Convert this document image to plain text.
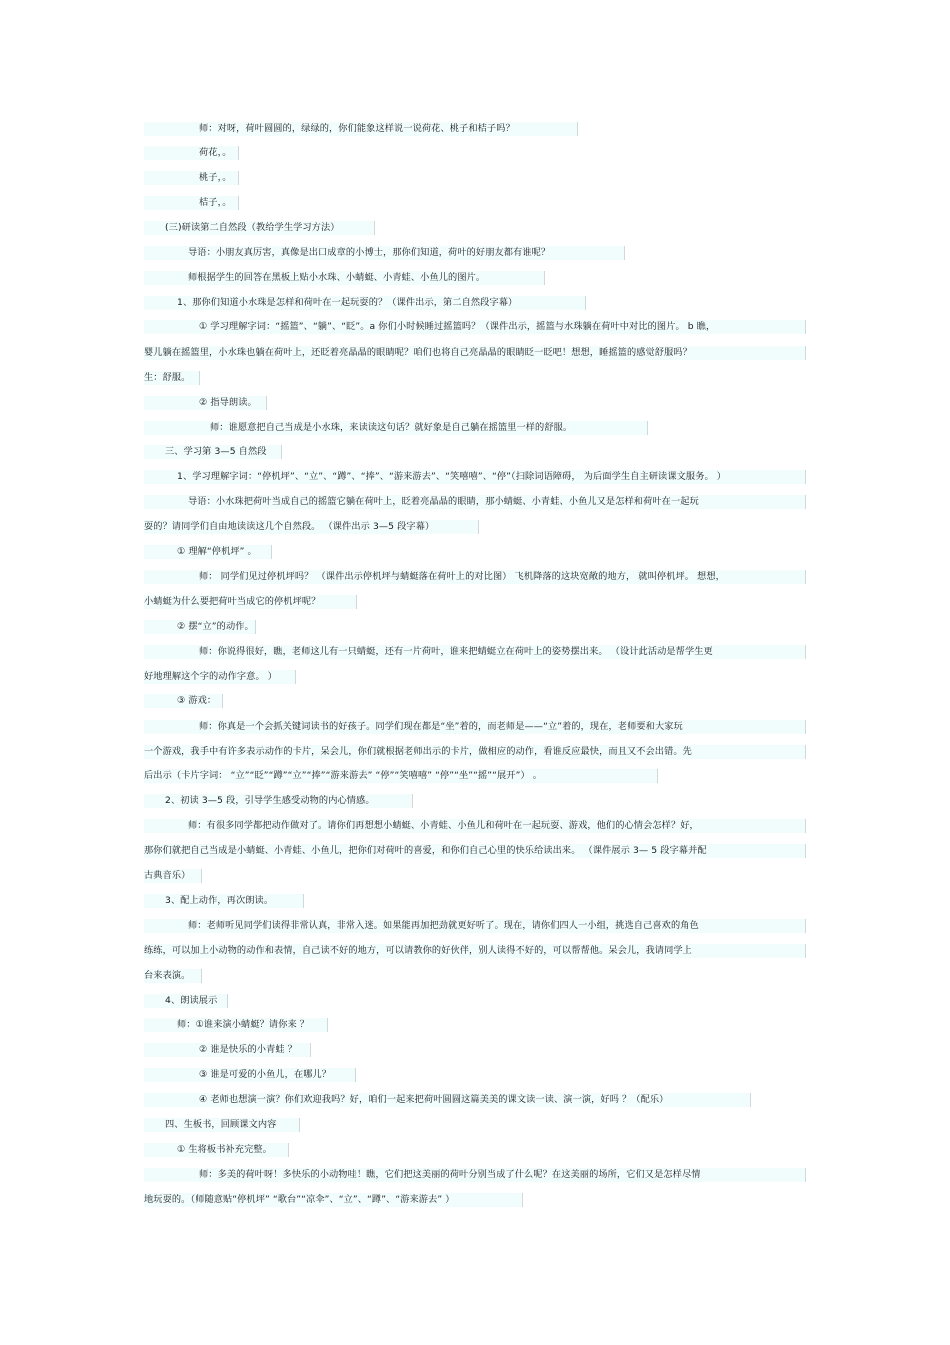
师：对呀，荷叶圆圆的，绿绿的，你们能象这样说一说荷花、桃子和桔子吗？
荷花，。
桃子，。
桔子，。
(三)研读第二自然段（教给学生学习方法）
导语：小朋友真厉害，真像是出口成章的小博士，那你们知道，荷叶的好朋友都有谁呢？
师根据学生的回答在黑板上贴小水珠、小蜻蜓、小青蛙、小鱼儿的图片。
1、那你们知道小水珠是怎样和荷叶在一起玩耍的？（课件出示，第二自然段字幕）
① 学习理解字词：“摇篮”、“躺”、“眨”。a 你们小时候睡过摇篮吗？（课件出示，摇篮与水珠躺在荷叶中对比的图片。 b 瞧，
婴儿躺在摇篮里，小水珠也躺在荷叶上，还眨着亮晶晶的眼睛呢？咱们也将自己亮晶晶的眼睛眨一眨吧！想想，睡摇篮的感觉舒服吗？
生：舒服。
② 指导朗读。
师：谁愿意把自己当成是小水珠，来读读这句话？就好象是自己躺在摇篮里一样的舒服。
三、学习第 3—5 自然段
1、学习理解字词：“停机坪”、“立”、“蹲”、“捧”、“游来游去”、“笑嘻嘻”、“停”（扫除词语障碍， 为后面学生自主研读课文服务。 ）
导语：小水珠把荷叶当成自己的摇篮它躺在荷叶上，眨着亮晶晶的眼睛，那小蜻蜓、小青蛙、小鱼儿又是怎样和荷叶在一起玩
耍的？请同学们自由地读读这几个自然段。 （课件出示 3—5 段字幕）
① 理解“停机坪” 。
师： 同学们见过停机坪吗？ （课件出示停机坪与蜻蜓落在荷叶上的对比图） 飞机降落的这块宽敞的地方， 就叫停机坪。 想想，
小蜻蜓为什么要把荷叶当成它的停机坪呢？
② 摆“立”的动作。
师：你说得很好，瞧，老师这儿有一只蜻蜓，还有一片荷叶，谁来把蜻蜓立在荷叶上的姿势摆出来。 （设计此活动是帮学生更
好地理解这个字的动作字意。 ）
③ 游戏：
师：你真是一个会抓关键词读书的好孩子。同学们现在都是“坐”着的，而老师是——“立”着的，现在，老师要和大家玩
一个游戏，我手中有许多表示动作的卡片，呆会儿，你们就根据老师出示的卡片，做相应的动作，看谁反应最快，而且又不会出错。先
后出示（卡片字词： “立”“眨”“蹲”“立”“捧”“游来游去” “停”“笑嘻嘻” “停”“坐”“摇”“展开”） 。
2、初读 3—5 段，引导学生感受动物的内心情感。
师：有很多同学都把动作做对了。请你们再想想小蜻蜓、小青蛙、小鱼儿和荷叶在一起玩耍、游戏，他们的心情会怎样？好，
那你们就把自己当成是小蜻蜓、小青蛙、小鱼儿，把你们对荷叶的喜爱，和你们自己心里的快乐给读出来。 （课件展示 3— 5 段字幕并配
古典音乐）
3、配上动作，再次朗读。
师：老师听见同学们读得非常认真，非常入迷。如果能再加把劲就更好听了。现在，请你们四人一小组，挑选自己喜欢的角色
练练，可以加上小动物的动作和表情，自己读不好的地方，可以请教你的好伙伴，别人读得不好的，可以帮帮他。呆会儿，我请同学上
台来表演。
4、朗读展示
师：①谁来演小蜻蜓？请你来 ？
② 谁是快乐的小青蛙 ？
③ 谁是可爱的小鱼儿，在哪儿？
④ 老师也想演一演？你们欢迎我吗？好，咱们一起来把荷叶圆圆这篇美美的课文读一读、演一演，好吗 ？（配乐）
四、生板书，回顾课文内容
① 生将板书补充完整。
师：多美的荷叶呀！多快乐的小动物哇！瞧，它们把这美丽的荷叶分别当成了什么呢？在这美丽的场所，它们又是怎样尽情
地玩耍的。（师随意贴“停机坪” “歌台”“凉伞”、“立”、“蹲”、“游来游去” ）
